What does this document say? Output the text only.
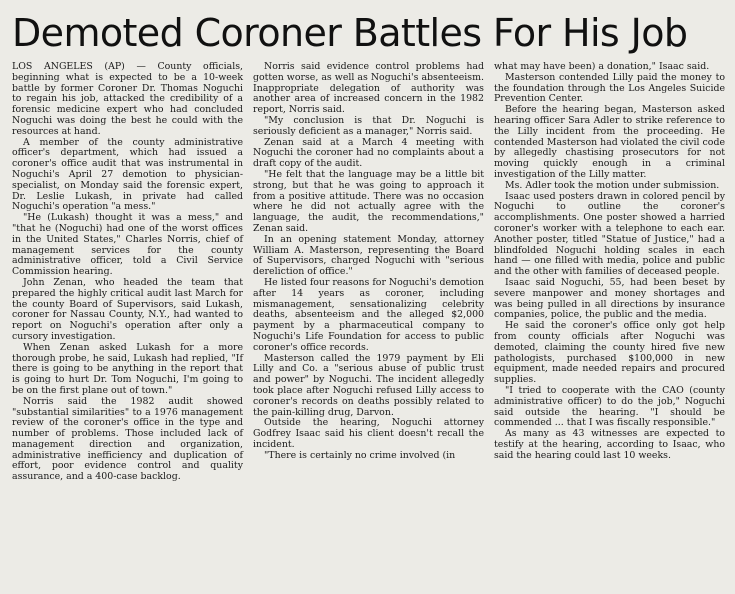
Demoted Coroner Battles For His Job

LOS ANGELES (AP) — County officials, beginning what is expected to be a 10-week battle by former Coroner Dr. Thomas Noguchi to regain his job, attacked the credibility of a forensic medicine expert who had concluded Noguchi was doing the best he could with the resources at hand.

A member of the county administrative officer's department, which had issued a coroner's office audit that was instrumental in Noguchi's April 27 demotion to physician-specialist, on Monday said the forensic expert, Dr. Leslie Lukash, in private had called Noguchi's operation "a mess."

"He (Lukash) thought it was a mess," and "that he (Noguchi) had one of the worst offices in the United States," Charles Norris, chief of management services for the county administrative officer, told a Civil Service Commission hearing.

John Zenan, who headed the team that prepared the highly critical audit last March for the county Board of Supervisors, said Lukash, coroner for Nassau County, N.Y., had wanted to report on Noguchi's operation after only a cursory investigation.

When Zenan asked Lukash for a more thorough probe, he said, Lukash had replied, "If there is going to be anything in the report that is going to hurt Dr. Tom Noguchi, I'm going to be on the first plane out of town."

Norris said the 1982 audit showed "substantial similarities" to a 1976 management review of the coroner's office in the type and number of problems. Those included lack of management direction and organization, administrative inefficiency and duplication of effort, poor evidence control and quality assurance, and a 400-case backlog.

Norris said evidence control problems had gotten worse, as well as Noguchi's absenteeism. Inappropriate delegation of authority was another area of increased concern in the 1982 report, Norris said.

"My conclusion is that Dr. Noguchi is seriously deficient as a manager," Norris said.

Zenan said at a March 4 meeting with Noguchi the coroner had no complaints about a draft copy of the audit.

"He felt that the language may be a little bit strong, but that he was going to approach it from a positive attitude. There was no occasion where he did not actually agree with the language, the audit, the recommendations," Zenan said.

In an opening statement Monday, attorney William A. Masterson, representing the Board of Supervisors, charged Noguchi with "serious dereliction of office."

He listed four reasons for Noguchi's demotion after 14 years as coroner, including mismanagement, sensationalizing celebrity deaths, absenteeism and the alleged $2,000 payment by a pharmaceutical company to Noguchi's Life Foundation for access to public coroner's office records.

Masterson called the 1979 payment by Eli Lilly and Co. a "serious abuse of public trust and power" by Noguchi. The incident allegedly took place after Noguchi refused Lilly access to coroner's records on deaths possibly related to the pain-killing drug, Darvon.

Outside the hearing, Noguchi attorney Godfrey Isaac said his client doesn't recall the incident.

"There is certainly no crime involved (in

what may have been) a donation," Isaac said.

Masterson contended Lilly paid the money to the foundation through the Los Angeles Suicide Prevention Center.

Before the hearing began, Masterson asked hearing officer Sara Adler to strike reference to the Lilly incident from the proceeding. He contended Masterson had violated the civil code by allegedly chastising prosecutors for not moving quickly enough in a criminal investigation of the Lilly matter.

Ms. Adler took the motion under submission.

Isaac used posters drawn in colored pencil by Noguchi to outline the coroner's accomplishments. One poster showed a harried coroner's worker with a telephone to each ear. Another poster, titled "Statue of Justice," had a blindfolded Noguchi holding scales in each hand — one filled with media, police and public and the other with families of deceased people.

Isaac said Noguchi, 55, had been beset by severe manpower and money shortages and was being pulled in all directions by insurance companies, police, the public and the media.

He said the coroner's office only got help from county officials after Noguchi was demoted, claiming the county hired five new pathologists, purchased $100,000 in new equipment, made needed repairs and procured supplies.

"I tried to cooperate with the CAO (county administrative officer) to do the job," Noguchi said outside the hearing. "I should be commended ... that I was fiscally responsible."

As many as 43 witnesses are expected to testify at the hearing, according to Isaac, who said the hearing could last 10 weeks.
